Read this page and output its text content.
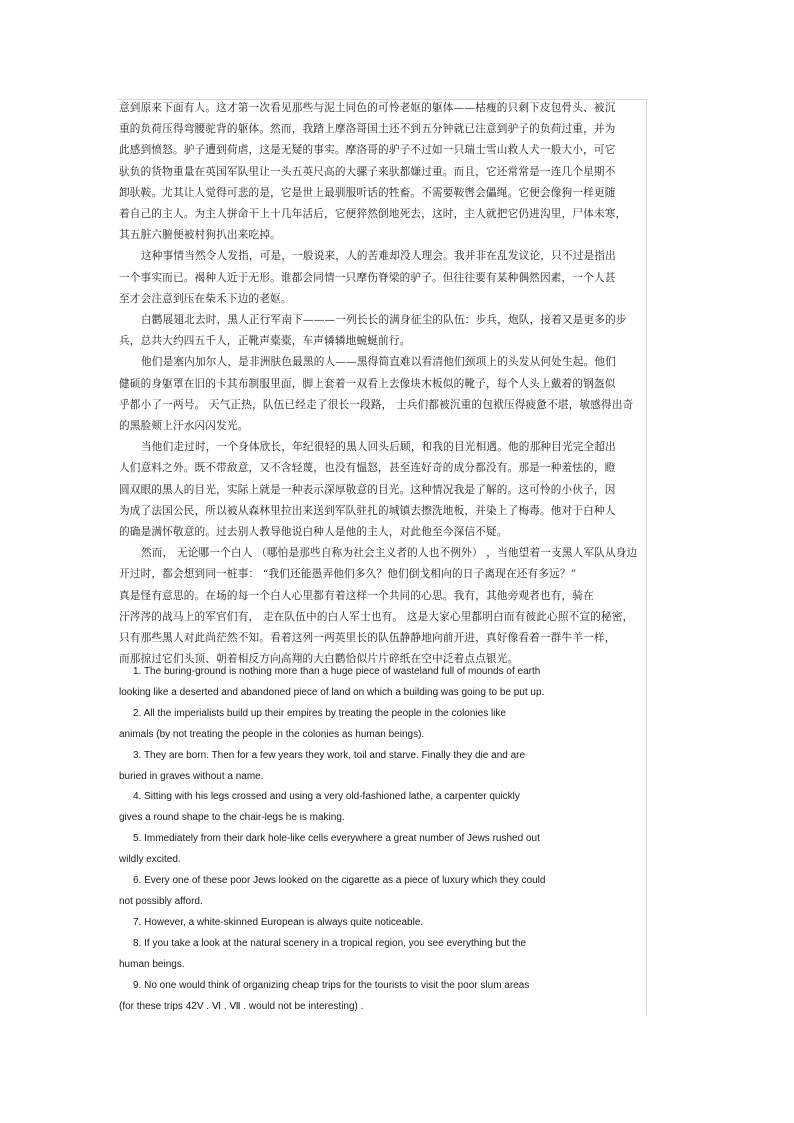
意到原来下面有人。这才第一次看见那些与泥土同色的可怜老妪的躯体——枯瘦的只剩下皮包骨头、被沉
重的负荷压得弯腰驼背的躯体。然而，我踏上摩洛哥国土还不到五分钟就已注意到驴子的负荷过重，并为
此感到愤怒。驴子遭到荷虐，这是无疑的事实。摩洛哥的驴子不过如一只瑞士雪山救人犬一般大小，可它
驮负的货物重量在英国军队里让一头五英尺高的大骡子来驮都嫌过重。而且，它还常常是一连几个星期不
卸驮鞍。尤其让人觉得可悲的是，它是世上最驯服听话的牲畜。不需要鞍辔会儡绳。它便会像狗一样更随
着自己的主人。为主人拼命干上十几年活后，它便猝然倒地死去，这时，主人就把它仍进沟里，尸体未寒，
其五脏六腑便被村狗扒出来吃掉。
这种事情当然令人发指，可是，一般说来，人的苦难却没人理会。我并非在乱发议论，只不过是指出
一个事实而已。褐种人近于无形。谁都会同情一只摩伤脊梁的驴子。但往往要有某种偶然因素，一个人甚
至才会注意到压在柴禾下边的老妪。
白鹳展翅北去时，黑人正行军南下———一列长长的满身征尘的队伍：步兵，炮队，接着又是更多的步
兵，总共大约四五千人，正靴声橐橐，车声辚辚地蜿蜒前行。
他们是塞内加尔人，是非洲肤色最黑的人——黑得简直难以看清他们颈项上的头发从何处生起。他们
健硕的身躯罩在旧的卡其布制服里面，脚上套着一双看上去像块木板似的靴子，每个人头上戴着的钢盔似
乎都小了一两号。 天气正热，队伍已经走了很长一段路， 士兵们都被沉重的包袱压得疲惫不堪，敏感得出奇
的黑脸颊上汗水闪闪发光。
当他们走过时，一个身体欣长，年纪很轻的黑人回头后顾，和我的目光相遇。他的那种目光完全超出
人们意料之外。既不带敌意，又不含轻蔑，也没有愠怒，甚至连好奇的成分都没有。那是一种羞怯的，瞪
圆双眼的黑人的目光，实际上就是一种表示深厚敬意的目光。这种情况我是了解的。这可怜的小伙子，因
为成了法国公民，所以被从森林里拉出来送到军队驻扎的城镇去擦洗地板，并染上了梅毒。他对于白种人
的确是满怀敬意的。过去别人教导他说白种人是他的主人，对此他至今深信不疑。
然而， 无论哪一个白人 （哪怕是那些自称为社会主义者的人也不例外） ，当他望着一支黑人军队从身边
开过时，都会想到同一桩事： “我们还能愚弄他们多久？他们倒戈相向的日子离现在还有多远？”
真是怪有意思的。在场的每一个白人心里都有着这样一个共同的心思。我有，其他旁观者也有，骑在
汗涔涔的战马上的军官们有， 走在队伍中的白人军士也有。 这是大家心里都明白而有彼此心照不宣的秘密，
只有那些黑人对此尚茫然不知。看着这列一两英里长的队伍静静地向前开进，真好像看着一群牛羊一样，
而那掠过它们头顶、朝着相反方向高翔的大白鹳恰似片片碎纸在空中泛着点点银光。
1. The buring-ground is nothing more than a huge piece of wasteland full of mounds of earth
looking like a deserted and abandoned piece of land on which a building was going to be put up.
2. All the imperialists build up their empires by treating the people in the colonies like
animals (by not treating the people in the colonies as human beings).
3. They are born. Then for a few years they work, toil and starve. Finally they die and are
buried in graves without a name.
4. Sitting with his legs crossed and using a very old-fashioned lathe, a carpenter quickly
gives a round shape to the chair-legs he is making.
5. Immediately from their dark hole-like cells everywhere a great number of Jews rushed out
wildly excited.
6. Every one of these poor Jews looked on the cigarette as a piece of luxury which they could
not possibly afford.
7. However, a white-skinned European is always quite noticeable.
8. If you take a look at the natural scenery in a tropical region, you see everything but the
human beings.
9. No one would think of organizing cheap trips for the tourists to visit the poor slum areas
(for these trips 42V . Ⅵ . Ⅶ . would not be interesting) .
